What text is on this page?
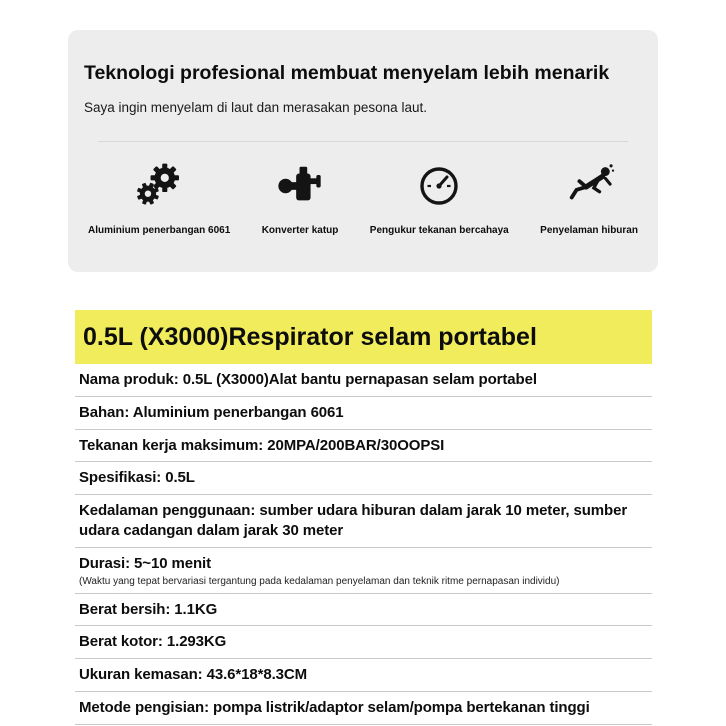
Teknologi profesional membuat menyelam lebih menarik

Saya ingin menyelam di laut dan merasakan pesona laut.

Aluminium penerbangan 6061	Konverter katup	Pengukur tekanan bercahaya	Penyelaman hiburan
0.5L (X3000)Respirator selam portabel
Nama produk: 0.5L (X3000)Alat bantu pernapasan selam portabel
Bahan: Aluminium penerbangan 6061
Tekanan kerja maksimum: 20MPA/200BAR/30OOPSI
Spesifikasi: 0.5L
Kedalaman penggunaan: sumber udara hiburan dalam jarak 10 meter, sumber udara cadangan dalam jarak 30 meter
Durasi: 5~10 menit
(Waktu yang tepat bervariasi tergantung pada kedalaman penyelaman dan teknik ritme pernapasan individu)
Berat bersih: 1.1KG
Berat kotor: 1.293KG
Ukuran kemasan: 43.6*18*8.3CM
Metode pengisian: pompa listrik/adaptor selam/pompa bertekanan tinggi
